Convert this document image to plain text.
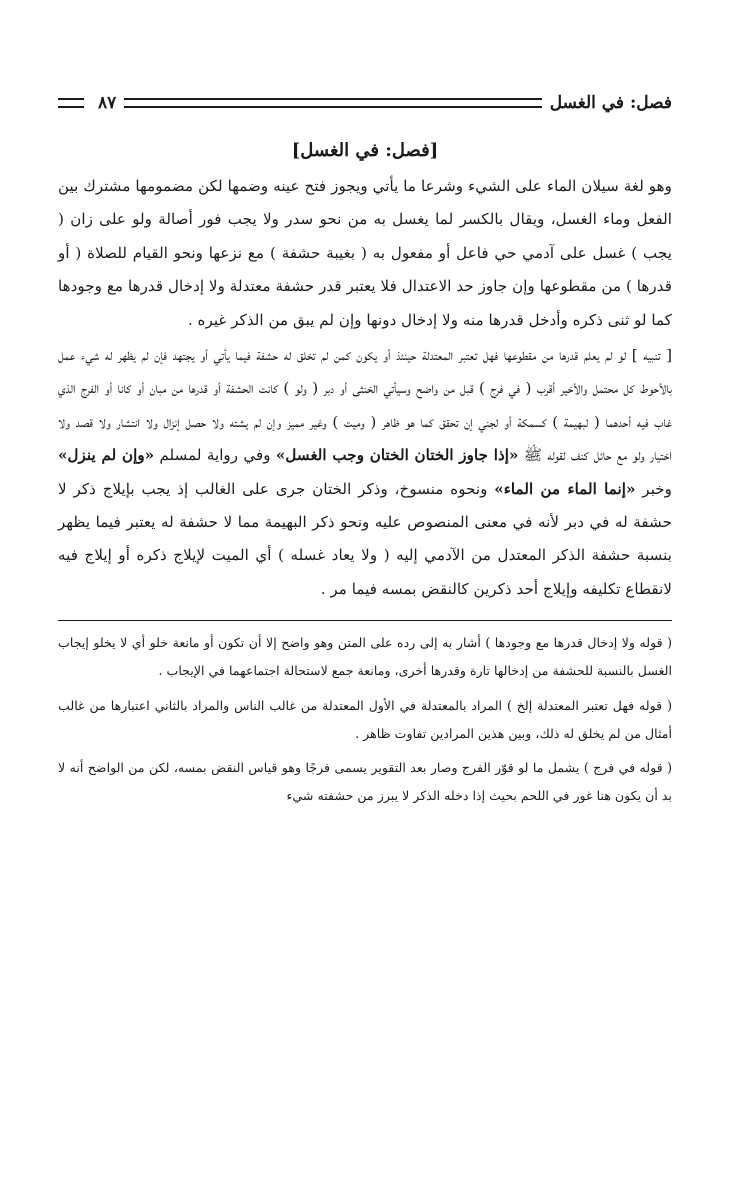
فصل: في الغسل
٨٧
[فصل: في الغسل]

وهو لغة سيلان الماء على الشيء وشرعا ما يأتي ويجوز فتح عينه وضمها لكن مضمومها مشترك بين الفعل وماء الغسل، ويقال بالكسر لما يغسل به من نحو سدر ولا يجب فور أصالة ولو على زان ( يجب ) غسل على آدمي حي فاعل أو مفعول به ( بغيبة حشفة ) مع نزعها ونحو القيام للصلاة ( أو قدرها ) من مقطوعها وإن جاوز حد الاعتدال فلا يعتبر قدر حشفة معتدلة ولا إدخال قدرها مع وجودها كما لو ثنى ذكره وأدخل قدرها منه ولا إدخال دونها وإن لم يبق من الذكر غيره .

[ تنبيه ] لو لم يعلم قدرها من مقطوعها فهل تعتبر المعتدلة حينئذ أو يكون كمن لم تخلق له حشفة فيما يأتي أو يجتهد فإن لم يظهر له شيء عمل بالأحوط كل محتمل والأخير أقرب ( في فرج ) قبل من واضح وسيأتي الخنثى أو دبر ( ولو ) كانت الحشفة أو قدرها من مبان أو كانا أو الفرج الذي غاب فيه أحدهما ( لبهيمة ) كسمكة أو لجني إن تحقق كما هو ظاهر ( وميت ) وغير مميز وإن لم يشته ولا حصل إنزال ولا انتشار ولا قصد ولا اختيار ولو مع حائل كنف لقوله ﷺ «إذا جاوز الختان الختان وجب الغسل» وفي رواية لمسلم «وإن لم ينزل» وخبر «إنما الماء من الماء» ونحوه منسوخ، وذكر الختان جرى على الغالب إذ يجب بإيلاج ذكر لا حشفة له في دبر لأنه في معنى المنصوص عليه ونحو ذكر البهيمة مما لا حشفة له يعتبر فيما يظهر بنسبة حشفة الذكر المعتدل من الآدمي إليه ( ولا يعاد غسله ) أي الميت لإيلاج ذكره أو إيلاج فيه لانقطاع تكليفه وإيلاج أحد ذكرين كالنقض بمسه فيما مر .

( قوله ولا إدخال قدرها مع وجودها ) أشار به إلى رده على المتن وهو واضح إلا أن تكون أو مانعة خلو أي لا يخلو إيجاب الغسل بالنسبة للحشفة من إدخالها تارة وقدرها أخرى، ومانعة جمع لاستحالة اجتماعهما في الإيجاب .

( قوله فهل تعتبر المعتدلة إلخ ) المراد بالمعتدلة في الأول المعتدلة من غالب الناس والمراد بالثاني اعتبارها من غالب أمثال من لم يخلق له ذلك، وبين هذين المرادين تفاوت ظاهر .

( قوله في فرج ) يشمل ما لو قوّر الفرج وصار بعد التقوير يسمى فرجًا وهو قياس النقض بمسه، لكن من الواضح أنه لا بد أن يكون هنا غور في اللحم بحيث إذا دخله الذكر لا يبرز من حشفته شيء
